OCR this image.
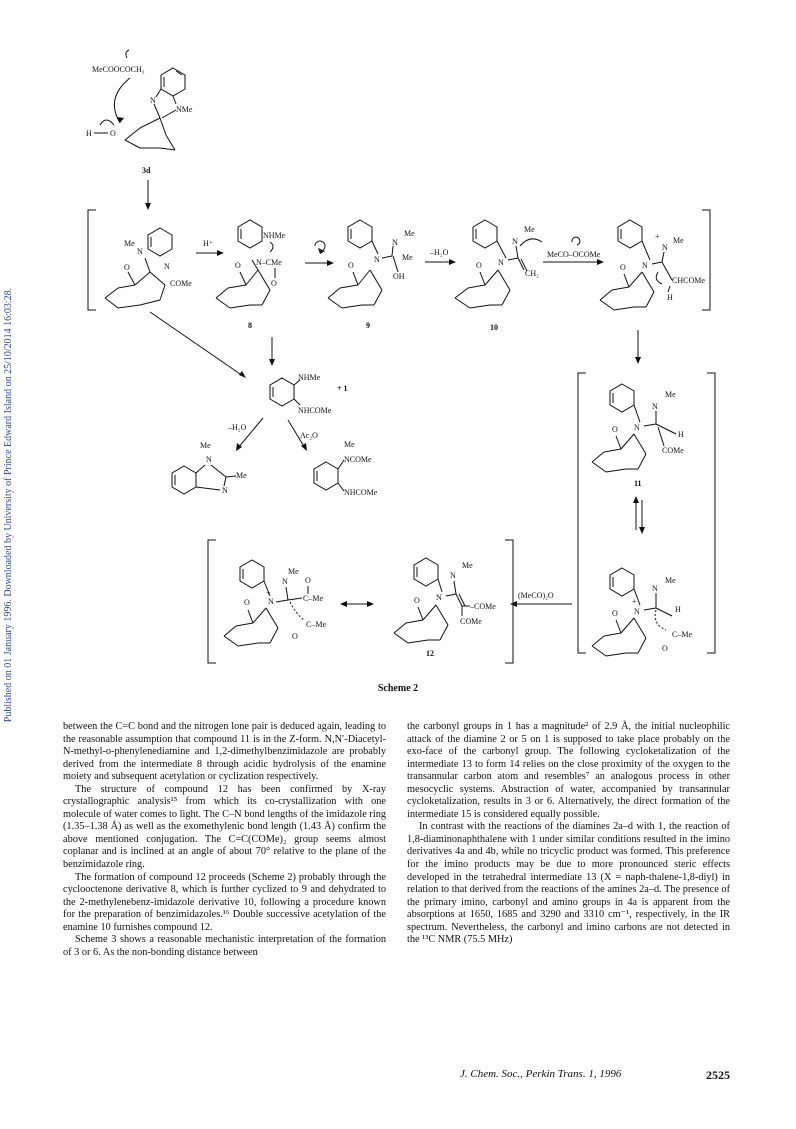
Published on 01 January 1996. Downloaded by University of Prince Edward Island on 25/10/2014 16:03:28.
MeCOOCOCH₃
N
NMe
H O
3d
Me
N
N
COMe
O
H⁺
NHMe
N–CMe
O
O
8
Me
N
Me
N
OH
O
9
–H₂O
Me
N
N
CH₂
O
10
MeCO–OCOMe
+ Me
N
N
CHCOMe
H
O
NHMe
NHCOMe
+ 1
–H₂O
Ac₂O
Me
N
N
Me
Me
NCOMe
NHCOMe
Me
N
N
H
COMe
O
11
Me
N
+
N	H
C–Me
O
O
(MeCO)₂O
Me
N
N
+
O
C–Me
C–Me
O
O
Me
N
N
–COMe
COMe
O
12
Scheme 2

between the C=C bond and the nitrogen lone pair is deduced again, leading to the reasonable assumption that compound 11 is in the Z-form. N,N′-Diacetyl-N-methyl-o-phenylenediamine and 1,2-dimethylbenzimidazole are probably derived from the intermediate 8 through acidic hydrolysis of the enamine moiety and subsequent acetylation or cyclization respectively.

The structure of compound 12 has been confirmed by X-ray crystallographic analysis¹⁵ from which its co-crystallization with one molecule of water comes to light. The C–N bond lengths of the imidazole ring (1.35–1.38 Å) as well as the exomethylenic bond length (1.43 Å) confirm the above mentioned conjugation. The C=C(COMe)₂ group seems almost coplanar and is inclined at an angle of about 70° relative to the plane of the benzimidazole ring.

The formation of compound 12 proceeds (Scheme 2) probably through the cyclooctenone derivative 8, which is further cyclized to 9 and dehydrated to the 2-methylenebenz-imidazole derivative 10, following a procedure known for the preparation of benzimidazoles.¹⁶ Double successive acetylation of the enamine 10 furnishes compound 12.

Scheme 3 shows a reasonable mechanistic interpretation of the formation of 3 or 6. As the non-bonding distance between

the carbonyl groups in 1 has a magnitude² of 2.9 Å, the initial nucleophilic attack of the diamine 2 or 5 on 1 is supposed to take place probably on the exo-face of the carbonyl group. The following cycloketalization of the intermediate 13 to form 14 relies on the close proximity of the oxygen to the transannular carbon atom and resembles⁷ an analogous process in other mesocyclic systems. Abstraction of water, accompanied by transannular cycloketalization, results in 3 or 6. Alternatively, the direct formation of the intermediate 15 is considered equally possible.

In contrast with the reactions of the diamines 2a–d with 1, the reaction of 1,8-diaminonaphthalene with 1 under similar conditions resulted in the imino derivatives 4a and 4b, while no tricyclic product was formed. This preference for the imino products may be due to more pronounced steric effects developed in the tetrahedral intermediate 13 (X = naph-thalene-1,8-diyl) in relation to that derived from the reactions of the amines 2a–d. The presence of the primary imino, carbonyl and amino groups in 4a is apparent from the absorptions at 1650, 1685 and 3290 and 3310 cm⁻¹, respectively, in the IR spectrum. Nevertheless, the carbonyl and imino carbons are not detected in the ¹³C NMR (75.5 MHz)

J. Chem. Soc., Perkin Trans. 1, 1996	2525
